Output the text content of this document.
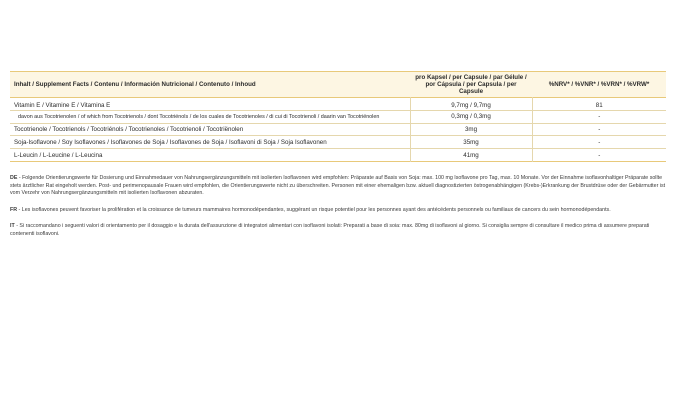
Inhalt / Supplement Facts / Contenu / Información Nutricional / Contenuto / Inhoud	pro Kapsel / per Capsule / par Gélule / por Cápsula / per Capsula / per Capsule	%NRV* / %VNR* / %VRN* / %VRW*
Vitamin E / Vitamine E / Vitamina E	9,7mg / 9,7mg	81
davon aus Tocotrienolen / of which from Tocotrienols / dont Tocotriénols / de los cuales de Tocotrienoles / di cui di Tocotrienoli / daarin van Tocotriënolen	0,3mg / 0,3mg	-
Tocotrienole / Tocotrienols / Tocotriénols / Tocotrienoles / Tocotrienoli / Tocotriënolen	3mg	-
Soja-Isoflavone / Soy Isoflavones / Isoflavones de Soja / Isoflavones de Soja / Isoflavoni di Soja / Soja Isoflavonen	35mg	-
L-Leucin / L-Leucine / L-Leucina	41mg	-
DE - Folgende Orientierungswerte für Dosierung und Einnahmedauer von Nahrungsergänzungsmitteln mit isolierten Isoflavonen wird empfohlen: Präparate auf Basis von Soja: max. 100 mg Isoflavone pro Tag, max. 10 Monate. Vor der Einnahme isoflavonhaltiger Präparate sollte stets ärztlicher Rat eingeholt werden. Post- und perimenopausale Frauen wird empfohlen, die Orientierungswerte nicht zu überschreiten. Personen mit einer ehemaligen bzw. aktuell diagnostizierten östrogenabhängigen (Krebs-)Erkrankung der Brustdrüse oder der Gebärmutter ist vom Verzehr von Nahrungsergänzungsmitteln mit isolierten Isoflavonen abzuraten.
FR - Les isoflavones peuvent favoriser la prolifération et la croissance de tumeurs mammaires hormonodépendantes, suggérant un risque potentiel pour les personnes ayant des antécédents personnels ou familiaux de cancers du sein hormonodépendants.
IT - Si raccomandano i seguenti valori di orientamento per il dosaggio e la durata dell'assunzione di integratori alimentari con isoflavoni isolati: Preparati a base di soia: max. 80mg di isoflavoni al giorno. Si consiglia sempre di consultare il medico prima di assumere preparati contenenti isoflavoni.
